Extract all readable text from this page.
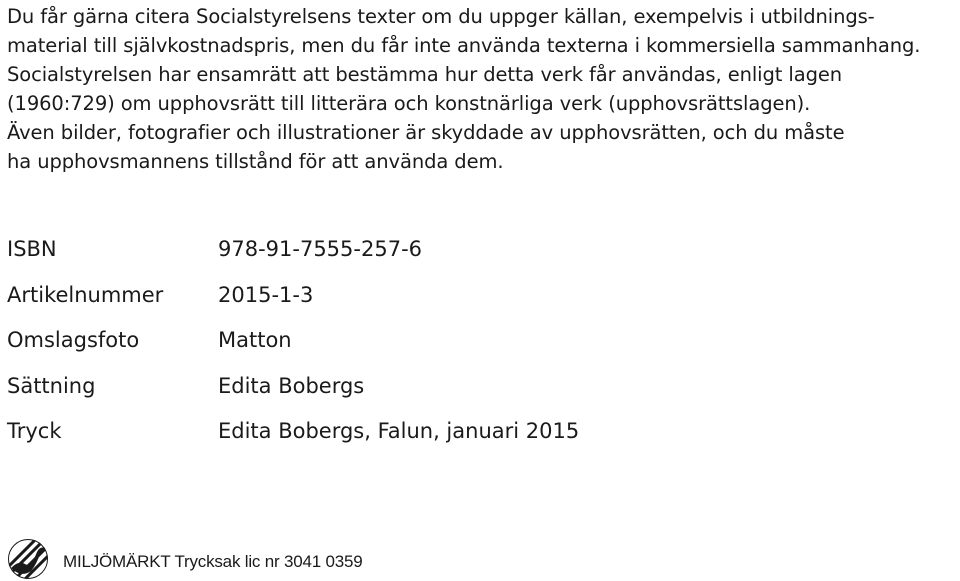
Du får gärna citera Socialstyrelsens texter om du uppger källan, exempelvis i utbildnings-

material till självkostnadspris, men du får inte använda texterna i kommersiella sammanhang.

Socialstyrelsen har ensamrätt att bestämma hur detta verk får användas, enligt lagen

(1960:729) om upphovsrätt till litterära och konstnärliga verk (upphovsrättslagen).

Även bilder, fotografier och illustrationer är skyddade av upphovsrätten, och du måste

ha upphovsmannens tillstånd för att använda dem.

ISBN	978-91-7555-257-6
Artikelnummer	2015-1-3
Omslagsfoto	Matton
Sättning	Edita Bobergs
Tryck	Edita Bobergs, Falun, januari 2015
MILJÖMÄRKT Trycksak lic nr 3041 0359
